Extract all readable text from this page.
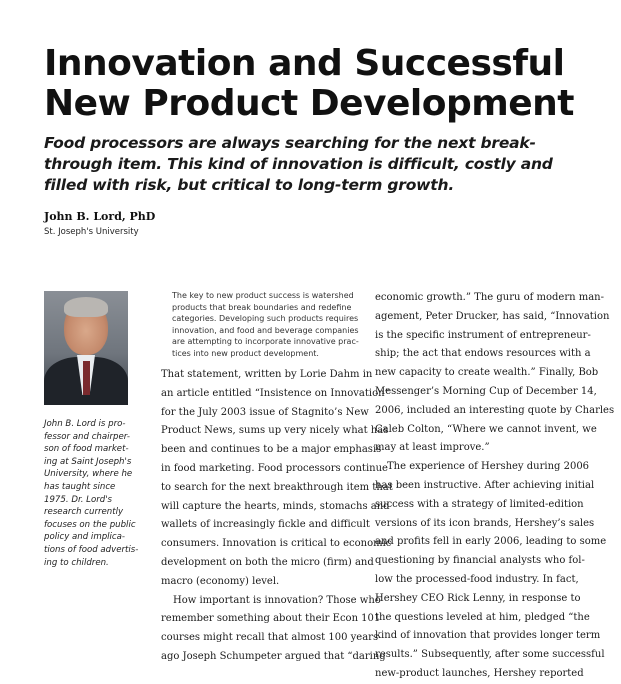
Innovation and Successful
New Product Development
Food processors are always searching for the next break-
through item. This kind of innovation is difficult, costly and
filled with risk, but critical to long-term growth.
John B. Lord, PhD
St. Joseph's University
John B. Lord is pro-
fessor and chairper-
son of food market-
ing at Saint Joseph's
University, where he
has taught since
1975. Dr. Lord's
research currently
focuses on the public
policy and implica-
tions of food advertis-
ing to children.
The key to new product success is watershed
products that break boundaries and redefine
categories. Developing such products requires
innovation, and food and beverage companies
are attempting to incorporate innovative prac-
tices into new product development.
That statement, written by Lorie Dahm in
an article entitled “Insistence on Innovation”
for the July 2003 issue of Stagnito’s New
Product News, sums up very nicely what has
been and continues to be a major emphasis
in food marketing. Food processors continue
to search for the next breakthrough item that
will capture the hearts, minds, stomachs and
wallets of increasingly fickle and difficult
consumers. Innovation is critical to economic
development on both the micro (firm) and
macro (economy) level.
How important is innovation? Those who
remember something about their Econ 101
courses might recall that almost 100 years
ago Joseph Schumpeter argued that “daring
economic growth.” The guru of modern man-
agement, Peter Drucker, has said, “Innovation
is the specific instrument of entrepreneur-
ship; the act that endows resources with a
new capacity to create wealth.” Finally, Bob
Messenger’s Morning Cup of December 14,
2006, included an interesting quote by Charles
Caleb Colton, “Where we cannot invent, we
may at least improve.”
The experience of Hershey during 2006
has been instructive. After achieving initial
success with a strategy of limited-edition
versions of its icon brands, Hershey’s sales
and profits fell in early 2006, leading to some
questioning by financial analysts who fol-
low the processed-food industry. In fact,
Hershey CEO Rick Lenny, in response to
the questions leveled at him, pledged “the
kind of innovation that provides longer term
results.” Subsequently, after some successful
new-product launches, Hershey reported
